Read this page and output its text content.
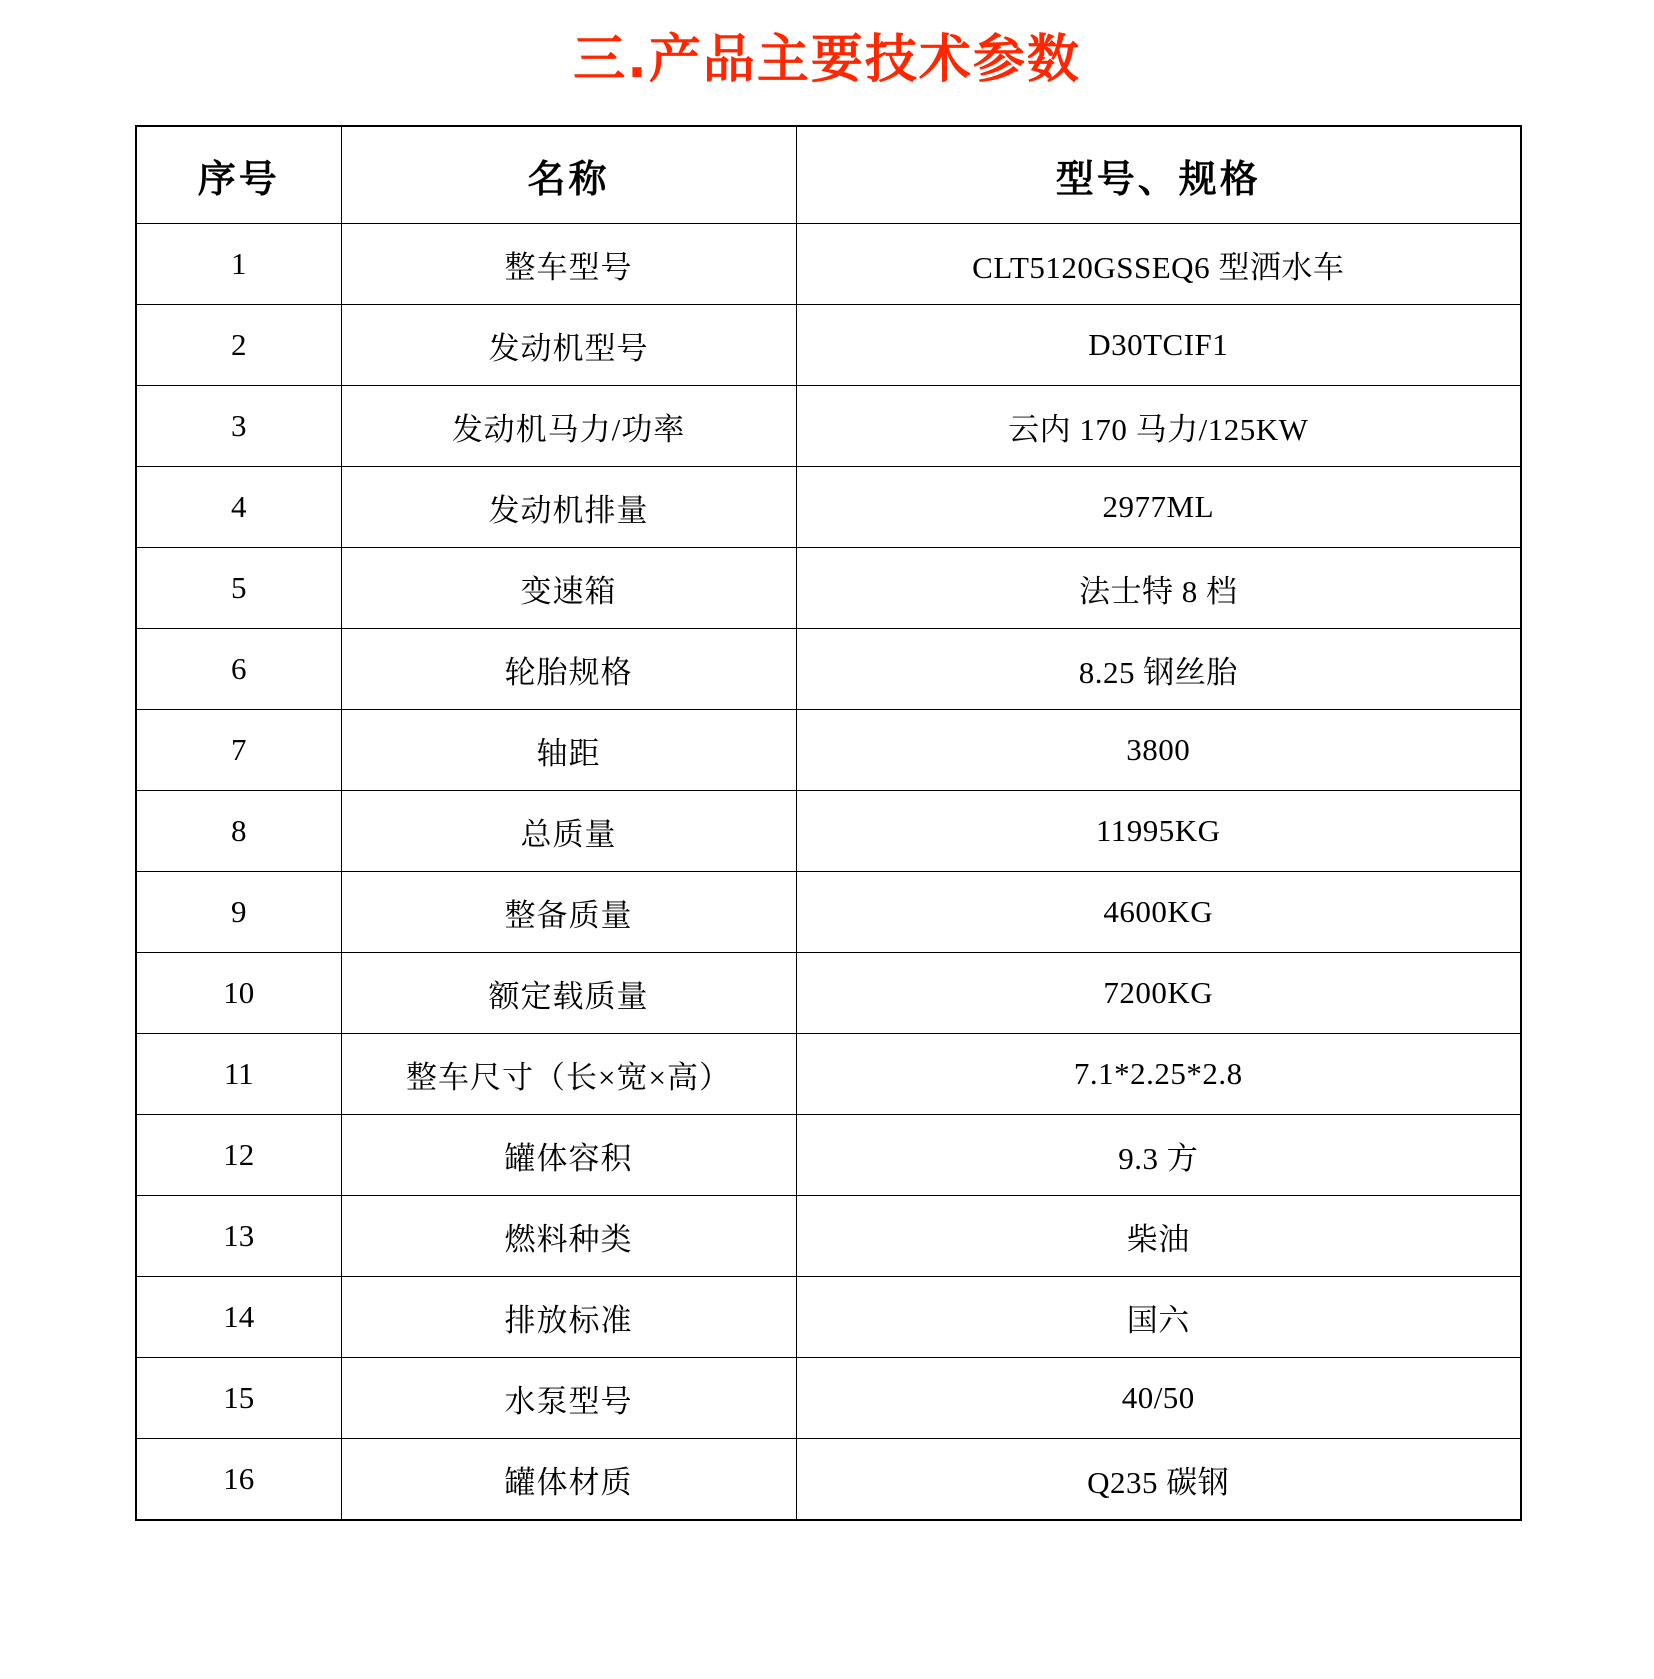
三.产品主要技术参数
序号	名称	型号、规格
1	整车型号	CLT5120GSSEQ6 型洒水车
2	发动机型号	D30TCIF1
3	发动机马力/功率	云内 170 马力/125KW
4	发动机排量	2977ML
5	变速箱	法士特 8 档
6	轮胎规格	8.25 钢丝胎
7	轴距	3800
8	总质量	11995KG
9	整备质量	4600KG
10	额定载质量	7200KG
11	整车尺寸（长×宽×高）	7.1*2.25*2.8
12	罐体容积	9.3 方
13	燃料种类	柴油
14	排放标准	国六
15	水泵型号	40/50
16	罐体材质	Q235 碳钢
